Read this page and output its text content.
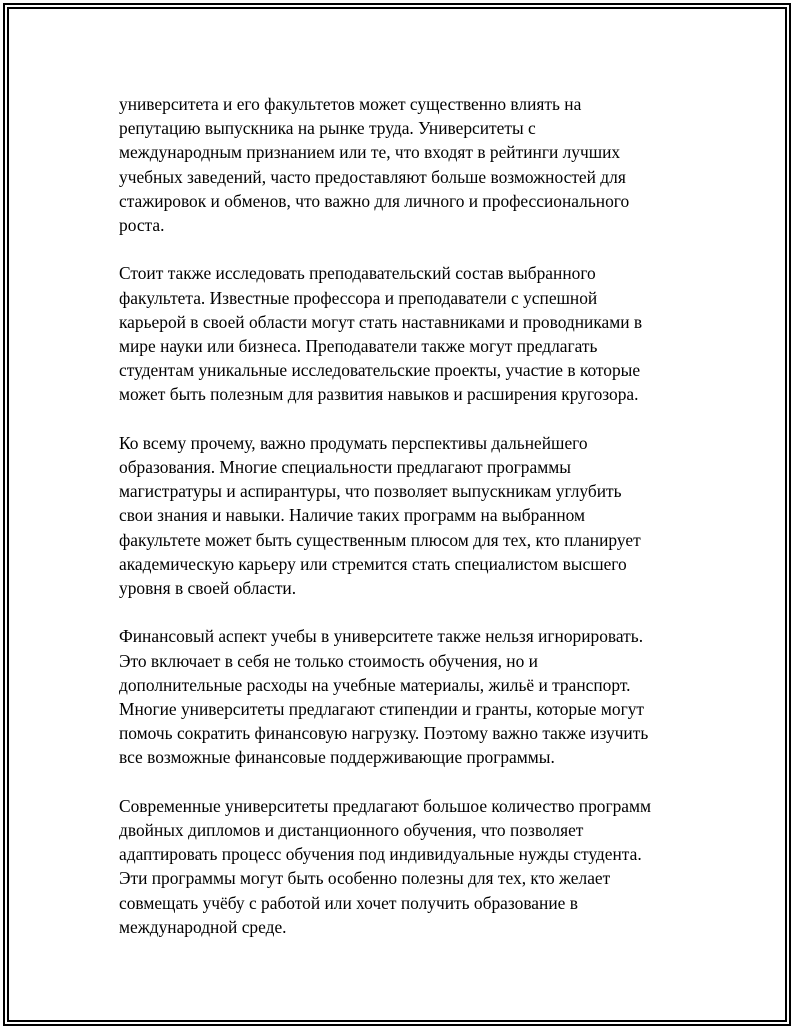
университета и его факультетов может существенно влиять на
репутацию выпускника на рынке труда. Университеты с
международным признанием или те, что входят в рейтинги лучших
учебных заведений, часто предоставляют больше возможностей для
стажировок и обменов, что важно для личного и профессионального
роста.

Стоит также исследовать преподавательский состав выбранного
факультета. Известные профессора и преподаватели с успешной
карьерой в своей области могут стать наставниками и проводниками в
мире науки или бизнеса. Преподаватели также могут предлагать
студентам уникальные исследовательские проекты, участие в которые
может быть полезным для развития навыков и расширения кругозора.

Ко всему прочему, важно продумать перспективы дальнейшего
образования. Многие специальности предлагают программы
магистратуры и аспирантуры, что позволяет выпускникам углубить
свои знания и навыки. Наличие таких программ на выбранном
факультете может быть существенным плюсом для тех, кто планирует
академическую карьеру или стремится стать специалистом высшего
уровня в своей области.

Финансовый аспект учебы в университете также нельзя игнорировать.
Это включает в себя не только стоимость обучения, но и
дополнительные расходы на учебные материалы, жильё и транспорт.
Многие университеты предлагают стипендии и гранты, которые могут
помочь сократить финансовую нагрузку. Поэтому важно также изучить
все возможные финансовые поддерживающие программы.

Современные университеты предлагают большое количество программ
двойных дипломов и дистанционного обучения, что позволяет
адаптировать процесс обучения под индивидуальные нужды студента.
Эти программы могут быть особенно полезны для тех, кто желает
совмещать учёбу с работой или хочет получить образование в
международной среде.
